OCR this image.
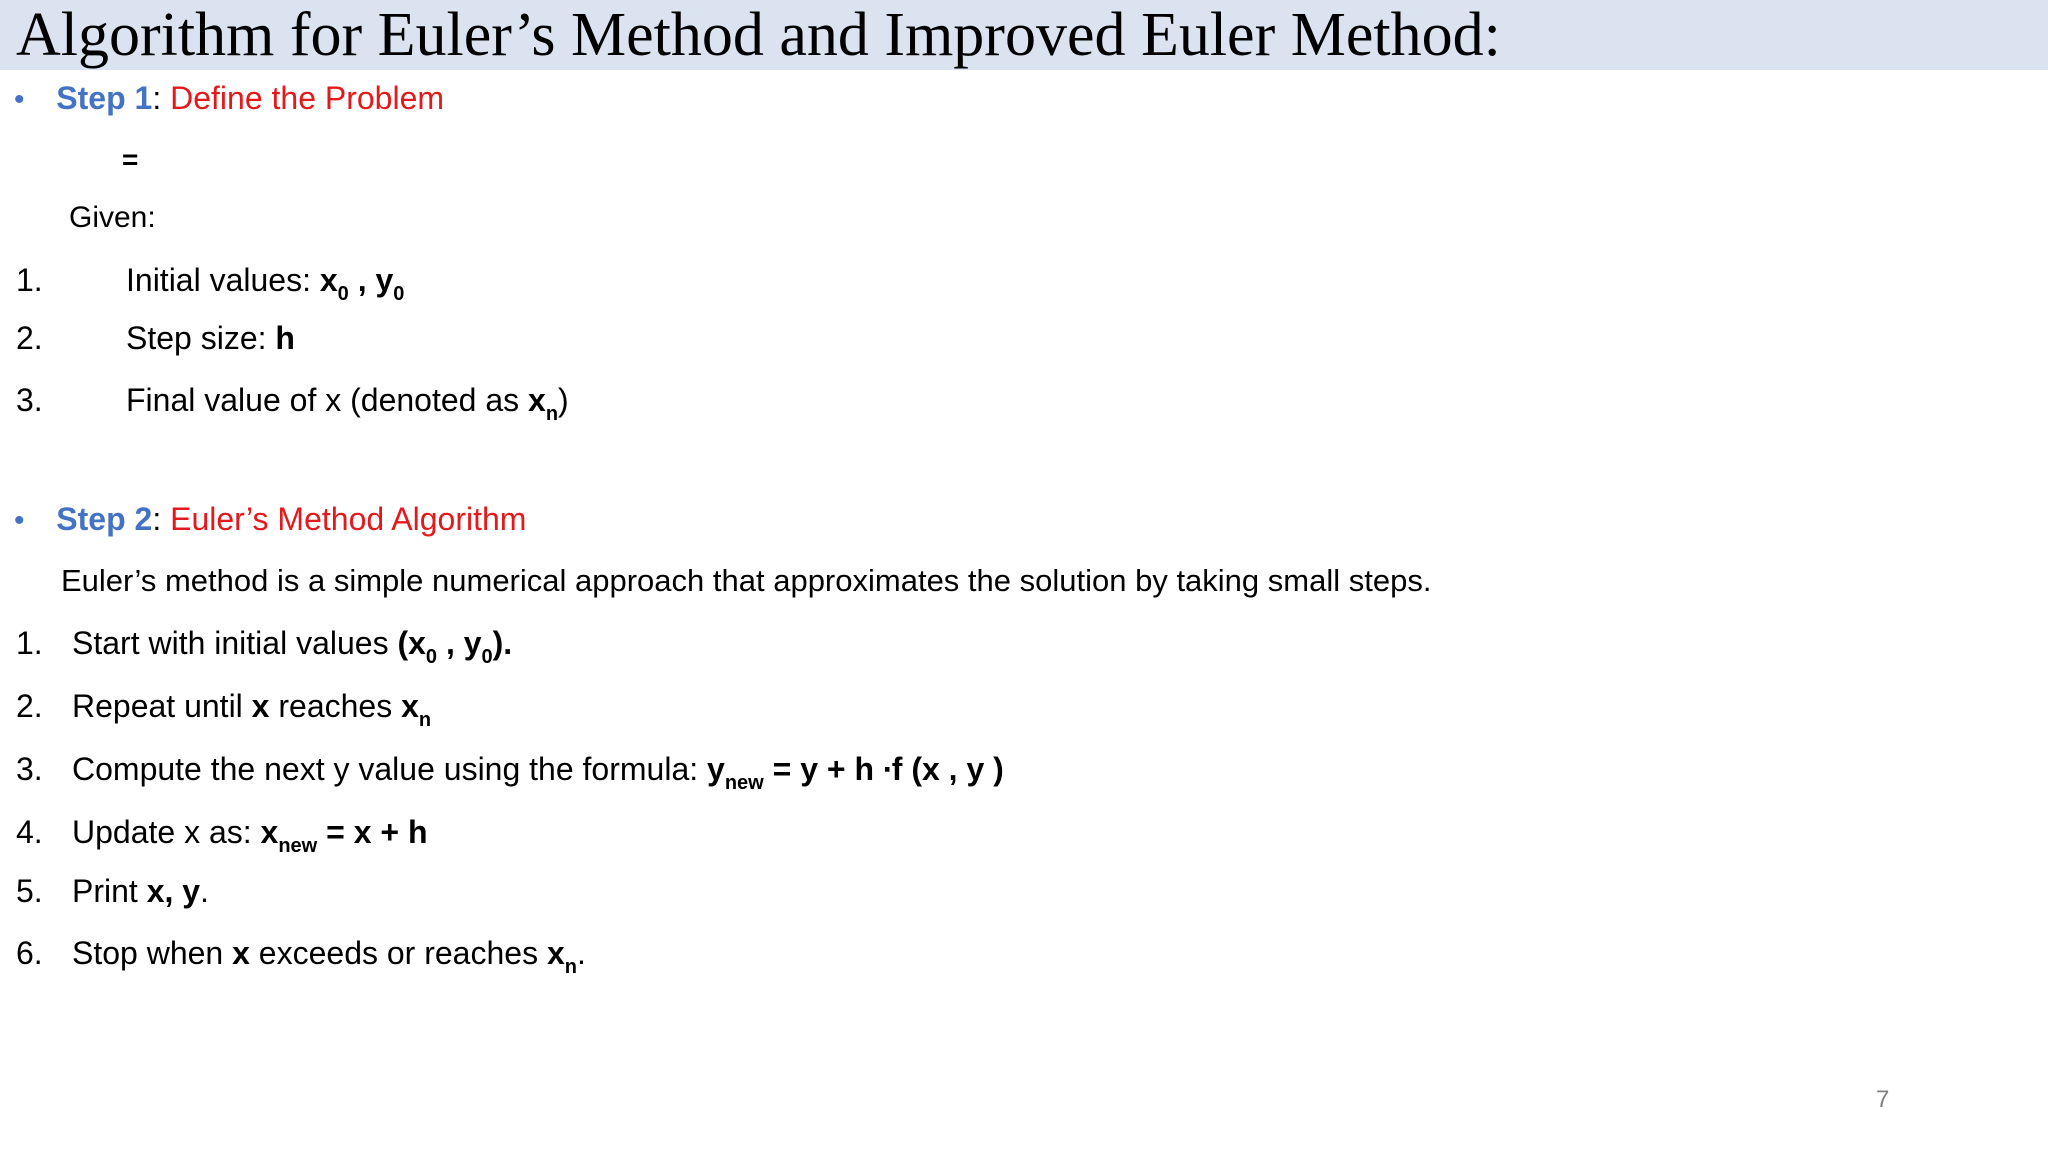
Algorithm for Euler’s Method and Improved Euler Method:
• Step 1: Define the Problem
=
Given:
1.	Initial values: $x_0$ , $y_0$
2.	Step size: h
3.	Final value of x (denoted as $x_n$)
• Step 2: Euler’s Method Algorithm
Euler’s method is a simple numerical approach that approximates the solution by taking small steps.
1. Start with initial values ($x_0$ , $y_0$).
2. Repeat until x reaches $x_n$
3. Compute the next y value using the formula: $y_{new} = y + h \cdot f$ (x , y )
4. Update x as: $x_{new} = x + h$
5. Print x, y.
6. Stop when x exceeds or reaches $x_n$.
7
